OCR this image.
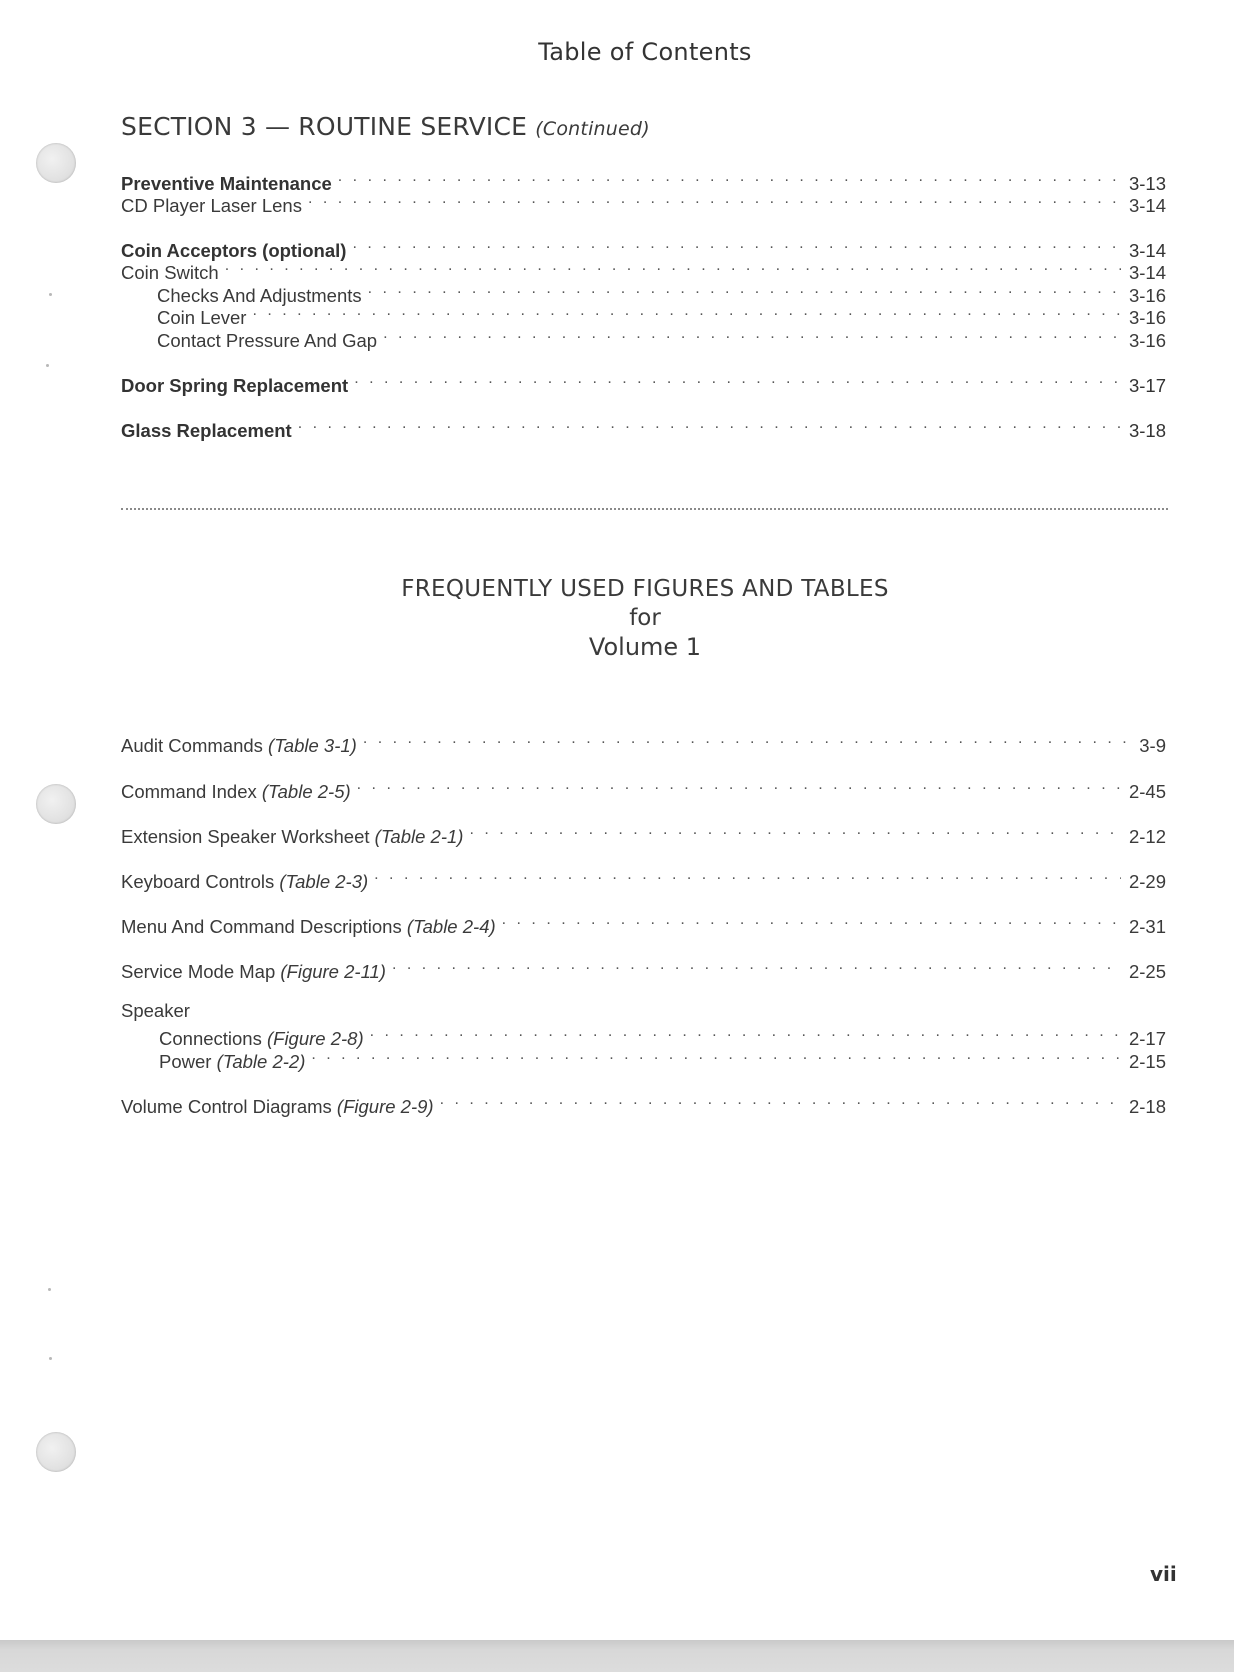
Table of Contents
SECTION 3 — ROUTINE SERVICE (Continued)
Preventive Maintenance . . .	3-13
CD Player Laser Lens . . .	3-14
Coin Acceptors (optional) . . .	3-14
Coin Switch . . .	3-14
Checks And Adjustments . . .	3-16
Coin Lever . . .	3-16
Contact Pressure And Gap . . .	3-16
Door Spring Replacement . . .	3-17
Glass Replacement . . .	3-18
FREQUENTLY USED FIGURES AND TABLES
for
Volume 1
Audit Commands (Table 3-1) . . .	3-9
Command Index (Table 2-5) . . .	2-45
Extension Speaker Worksheet (Table 2-1) . . .	2-12
Keyboard Controls (Table 2-3) . . .	2-29
Menu And Command Descriptions (Table 2-4) . . .	2-31
Service Mode Map (Figure 2-11) . . .	2-25
Speaker
Connections (Figure 2-8) . . .	2-17
Power (Table 2-2) . . .	2-15
Volume Control Diagrams (Figure 2-9) . . .	2-18
vii
